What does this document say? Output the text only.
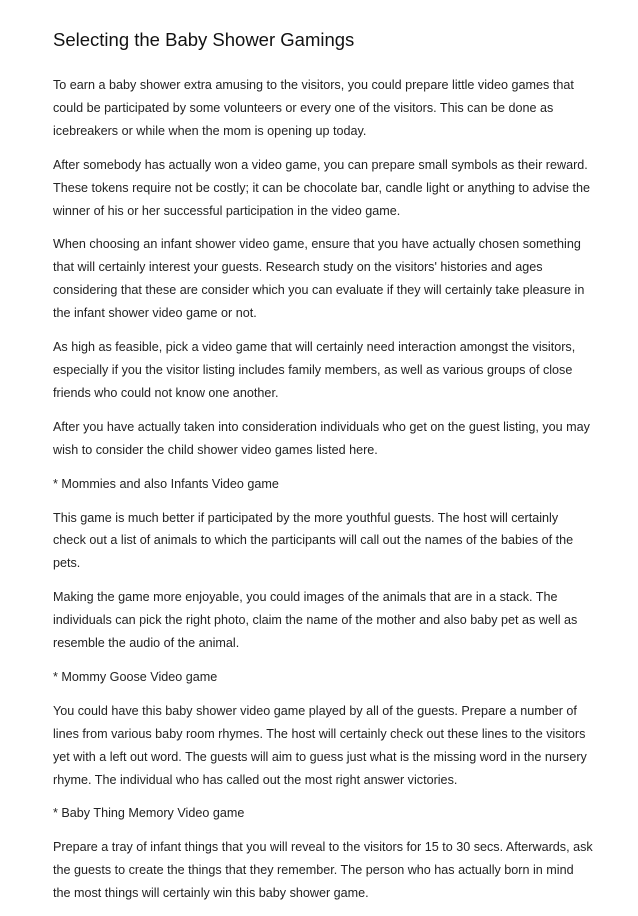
Selecting the Baby Shower Gamings

To earn a baby shower extra amusing to the visitors, you could prepare little video games that could be participated by some volunteers or every one of the visitors. This can be done as icebreakers or while when the mom is opening up today.

After somebody has actually won a video game, you can prepare small symbols as their reward. These tokens require not be costly; it can be chocolate bar, candle light or anything to advise the winner of his or her successful participation in the video game.

When choosing an infant shower video game, ensure that you have actually chosen something that will certainly interest your guests. Research study on the visitors' histories and ages considering that these are consider which you can evaluate if they will certainly take pleasure in the infant shower video game or not.

As high as feasible, pick a video game that will certainly need interaction amongst the visitors, especially if you the visitor listing includes family members, as well as various groups of close friends who could not know one another.

After you have actually taken into consideration individuals who get on the guest listing, you may wish to consider the child shower video games listed here.

* Mommies and also Infants Video game

This game is much better if participated by the more youthful guests. The host will certainly check out a list of animals to which the participants will call out the names of the babies of the pets.

Making the game more enjoyable, you could images of the animals that are in a stack. The individuals can pick the right photo, claim the name of the mother and also baby pet as well as resemble the audio of the animal.

* Mommy Goose Video game

You could have this baby shower video game played by all of the guests. Prepare a number of lines from various baby room rhymes. The host will certainly check out these lines to the visitors yet with a left out word. The guests will aim to guess just what is the missing word in the nursery rhyme. The individual who has called out the most right answer victories.

* Baby Thing Memory Video game

Prepare a tray of infant things that you will reveal to the visitors for 15 to 30 secs. Afterwards, ask the guests to create the things that they remember. The person who has actually born in mind the most things will certainly win this baby shower game.
